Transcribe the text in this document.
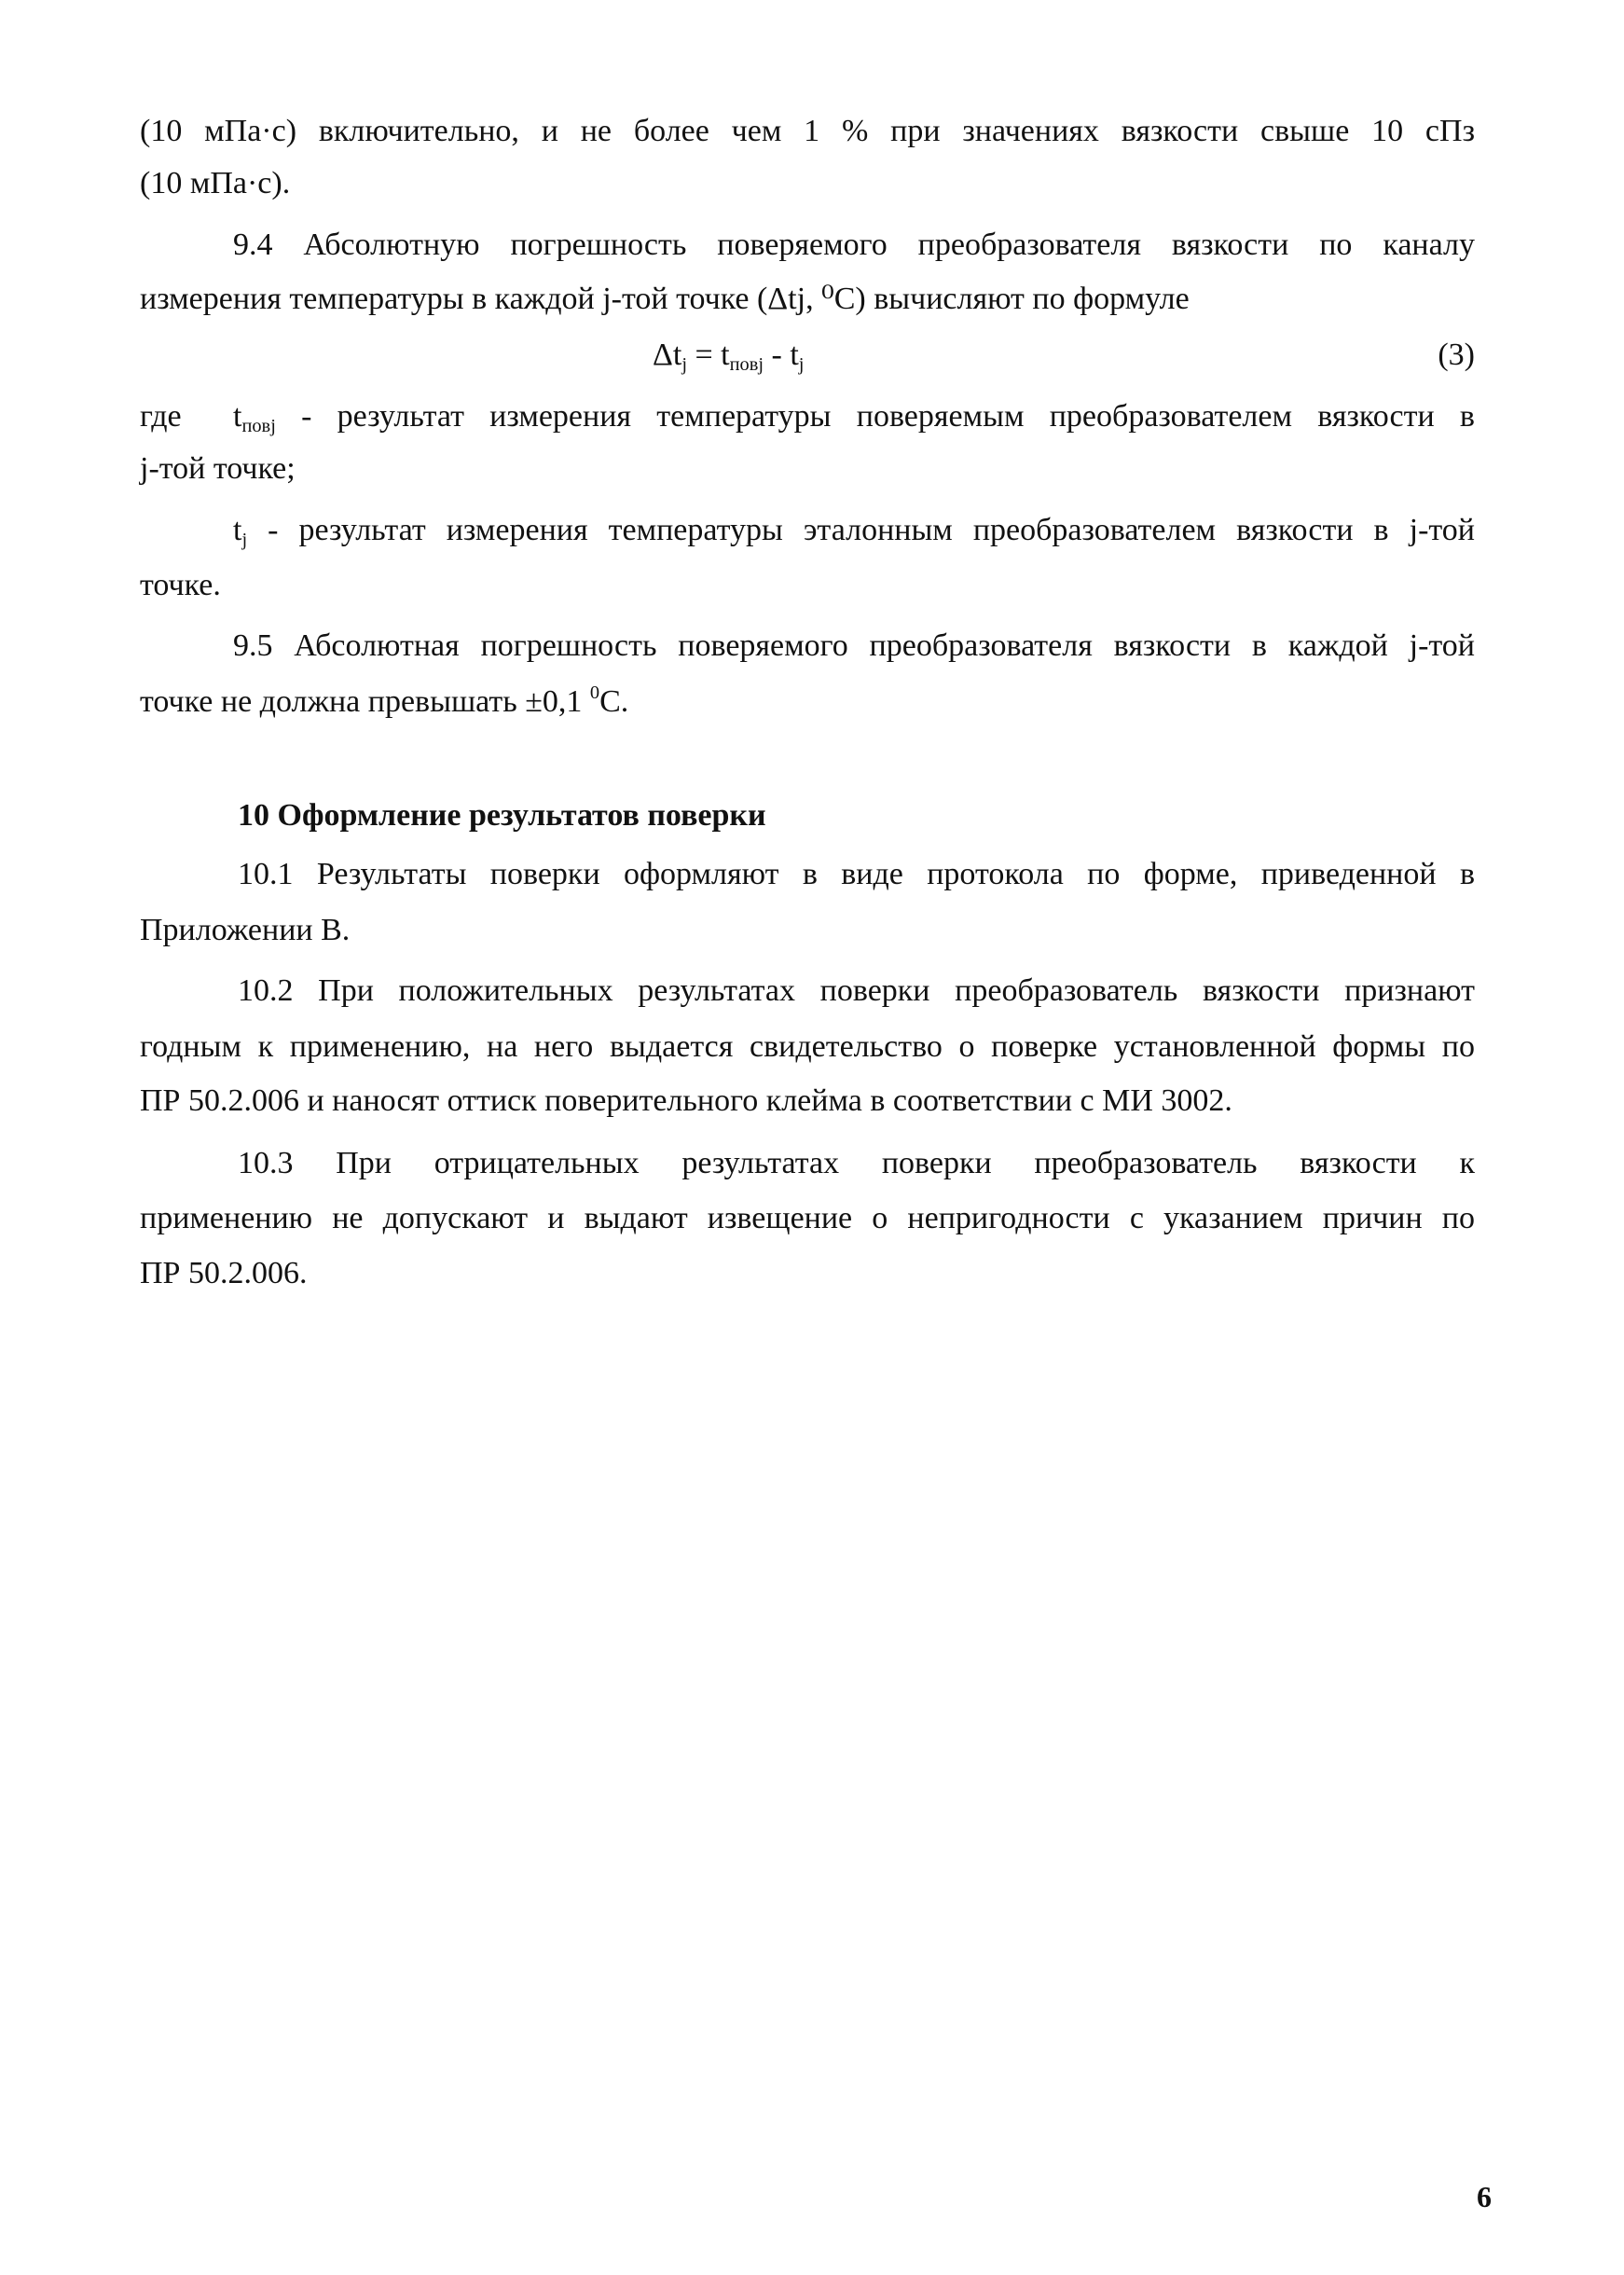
(10 мПа·с) включительно, и не более чем 1 % при значениях вязкости свыше 10 сПз

(10 мПа·с).

9.4 Абсолютную погрешность поверяемого преобразователя вязкости по каналу

измерения температуры в каждой j-той точке (Δtj, ⁰С) вычисляют по формуле

$\Delta t_j = t_{повj} - t_j$	(3)
где $t_{повj}$ - результат измерения температуры поверяемым преобразователем вязкости в

j-той точке;

$t_j$ - результат измерения температуры эталонным преобразователем вязкости в j-той

точке.

9.5 Абсолютная погрешность поверяемого преобразователя вязкости в каждой j-той

точке не должна превышать ±0,1 $^0$С.

10 Оформление результатов поверки

10.1 Результаты поверки оформляют в виде протокола по форме, приведенной в

Приложении В.

10.2 При положительных результатах поверки преобразователь вязкости признают

годным к применению, на него выдается свидетельство о поверке установленной формы по

ПР 50.2.006 и наносят оттиск поверительного клейма в соответствии с МИ 3002.

10.3 При отрицательных результатах поверки преобразователь вязкости к

применению не допускают и выдают извещение о непригодности с указанием причин по

ПР 50.2.006.

6
